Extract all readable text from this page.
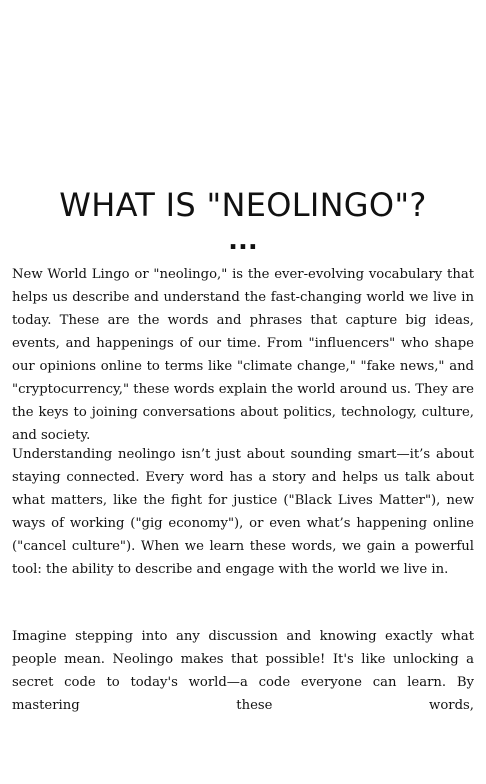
WHAT IS "NEOLINGO"?
...

New World Lingo or "neolingo," is the ever-evolving vocabulary that helps us describe and understand the fast-changing world we live in today. These are the words and phrases that capture big ideas, events, and happenings of our time. From "influencers" who shape our opinions online to terms like "climate change," "fake news," and "cryptocurrency," these words explain the world around us. They are the keys to joining conversations about politics, technology, culture, and society.

Understanding neolingo isn’t just about sounding smart—it’s about staying connected. Every word has a story and helps us talk about what matters, like the fight for justice ("Black Lives Matter"), new ways of working ("gig economy"), or even what’s happening online ("cancel culture"). When we learn these words, we gain a powerful tool: the ability to describe and engage with the world we live in.

Imagine stepping into any discussion and knowing exactly what people mean. Neolingo makes that possible! It's like unlocking a secret code to today's world—a code everyone can learn. By mastering these words,
